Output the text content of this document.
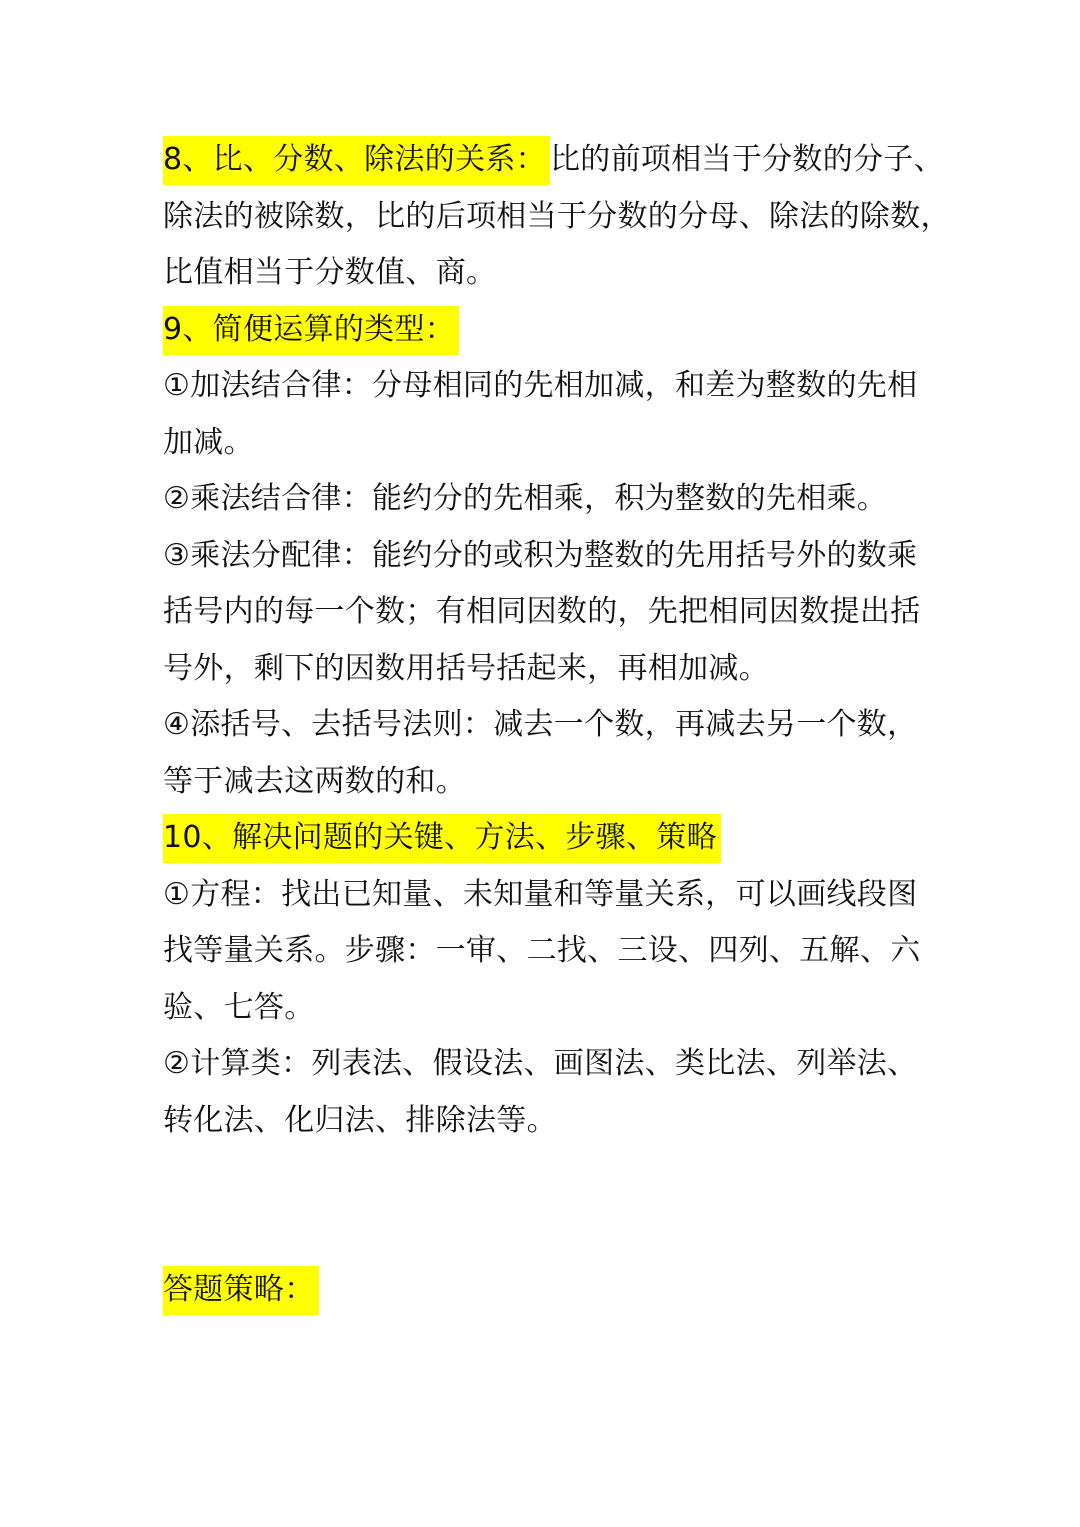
8、比、分数、除法的关系： 比的前项相当于分数的分子、
除法的被除数，比的后项相当于分数的分母、除法的除数，
比值相当于分数值、商。
9、简便运算的类型：
①加法结合律：分母相同的先相加减，和差为整数的先相
加减。
②乘法结合律：能约分的先相乘，积为整数的先相乘。
③乘法分配律：能约分的或积为整数的先用括号外的数乘
括号内的每一个数；有相同因数的，先把相同因数提出括
号外，剩下的因数用括号括起来，再相加减。
④添括号、去括号法则：减去一个数，再减去另一个数，
等于减去这两数的和。
10、解决问题的关键、方法、步骤、策略
①方程：找出已知量、未知量和等量关系，可以画线段图
找等量关系。步骤：一审、二找、三设、四列、五解、六
验、七答。
②计算类：列表法、假设法、画图法、类比法、列举法、
转化法、化归法、排除法等。
答题策略：
